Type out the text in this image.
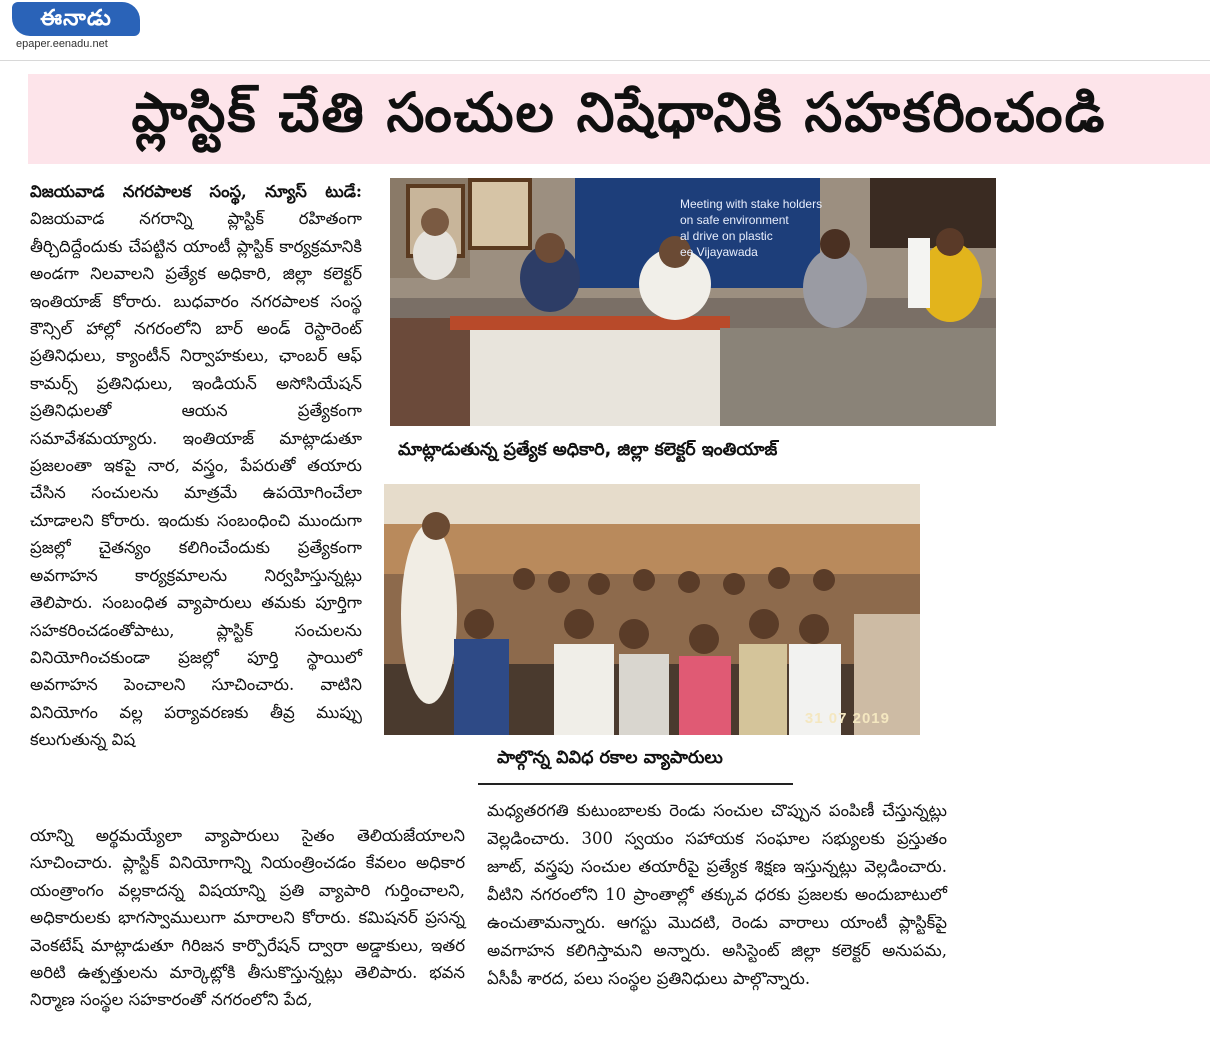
ఈనాడు
epaper.eenadu.net
ప్లాస్టిక్ చేతి సంచుల నిషేధానికి సహకరించండి

విజయవాడ నగరపాలక సంస్థ, న్యూస్ టుడే: విజయవాడ నగరాన్ని ప్లాస్టిక్ రహితంగా తీర్చిదిద్దేందుకు చేపట్టిన యాంటీ ప్లాస్టిక్ కార్యక్రమానికి అండగా నిలవాలని ప్రత్యేక అధికారి, జిల్లా కలెక్టర్ ఇంతియాజ్ కోరారు. బుధవారం నగరపాలక సంస్థ కౌన్సిల్ హాల్లో నగరంలోని బార్ అండ్ రెస్టారెంట్ ప్రతినిధులు, క్యాంటీన్ నిర్వాహకులు, ఛాంబర్ ఆఫ్ కామర్స్ ప్రతినిధులు, ఇండియన్ అసోసియేషన్ ప్రతినిధులతో ఆయన ప్రత్యేకంగా సమావేశమయ్యారు. ఇంతియాజ్ మాట్లాడుతూ ప్రజలంతా ఇకపై నార, వస్త్రం, పేపరుతో తయారు చేసిన సంచులను మాత్రమే ఉపయోగించేలా చూడాలని కోరారు. ఇందుకు సంబంధించి ముందుగా ప్రజల్లో చైతన్యం కలిగించేందుకు ప్రత్యేకంగా అవగాహన కార్యక్రమాలను నిర్వహిస్తున్నట్లు తెలిపారు. సంబంధిత వ్యాపారులు తమకు పూర్తిగా సహకరించడంతోపాటు, ప్లాస్టిక్ సంచులను వినియోగించకుండా ప్రజల్లో పూర్తి స్థాయిలో అవగాహన పెంచాలని సూచించారు. వాటిని వినియోగం వల్ల పర్యావరణకు తీవ్ర ముప్పు కలుగుతున్న విష

Meeting with stake holders
on safe environment
al drive on plastic
ee Vijayawada

మాట్లాడుతున్న ప్రత్యేక అధికారి, జిల్లా కలెక్టర్ ఇంతియాజ్

31 07 2019

పాల్గొన్న వివిధ రకాల వ్యాపారులు

యాన్ని అర్థమయ్యేలా వ్యాపారులు సైతం తెలియజేయాలని సూచించారు. ప్లాస్టిక్ వినియోగాన్ని నియంత్రించడం కేవలం అధికార యంత్రాంగం వల్లకాదన్న విషయాన్ని ప్రతి వ్యాపారి గుర్తించాలని, అధికారులకు భాగస్వాములుగా మారాలని కోరారు. కమిషనర్ ప్రసన్న వెంకటేష్ మాట్లాడుతూ గిరిజన కార్పొరేషన్ ద్వారా అడ్డాకులు, ఇతర అరిటి ఉత్పత్తులను మార్కెట్లోకి తీసుకొస్తున్నట్లు తెలిపారు. భవన నిర్మాణ సంస్థల సహకారంతో నగరంలోని పేద,

మధ్యతరగతి కుటుంబాలకు రెండు సంచుల చొప్పున పంపిణీ చేస్తున్నట్లు వెల్లడించారు. 300 స్వయం సహాయక సంఘాల సభ్యులకు ప్రస్తుతం జూట్, వస్త్రపు సంచుల తయారీపై ప్రత్యేక శిక్షణ ఇస్తున్నట్లు వెల్లడించారు. వీటిని నగరంలోని 10 ప్రాంతాల్లో తక్కువ ధరకు ప్రజలకు అందుబాటులో ఉంచుతామన్నారు. ఆగస్టు మొదటి, రెండు వారాలు యాంటీ ప్లాస్టిక్‌పై అవగాహన కలిగిస్తామని అన్నారు. అసిస్టెంట్ జిల్లా కలెక్టర్ అనుపమ, ఏసీపీ శారద, పలు సంస్థల ప్రతినిధులు పాల్గొన్నారు.
